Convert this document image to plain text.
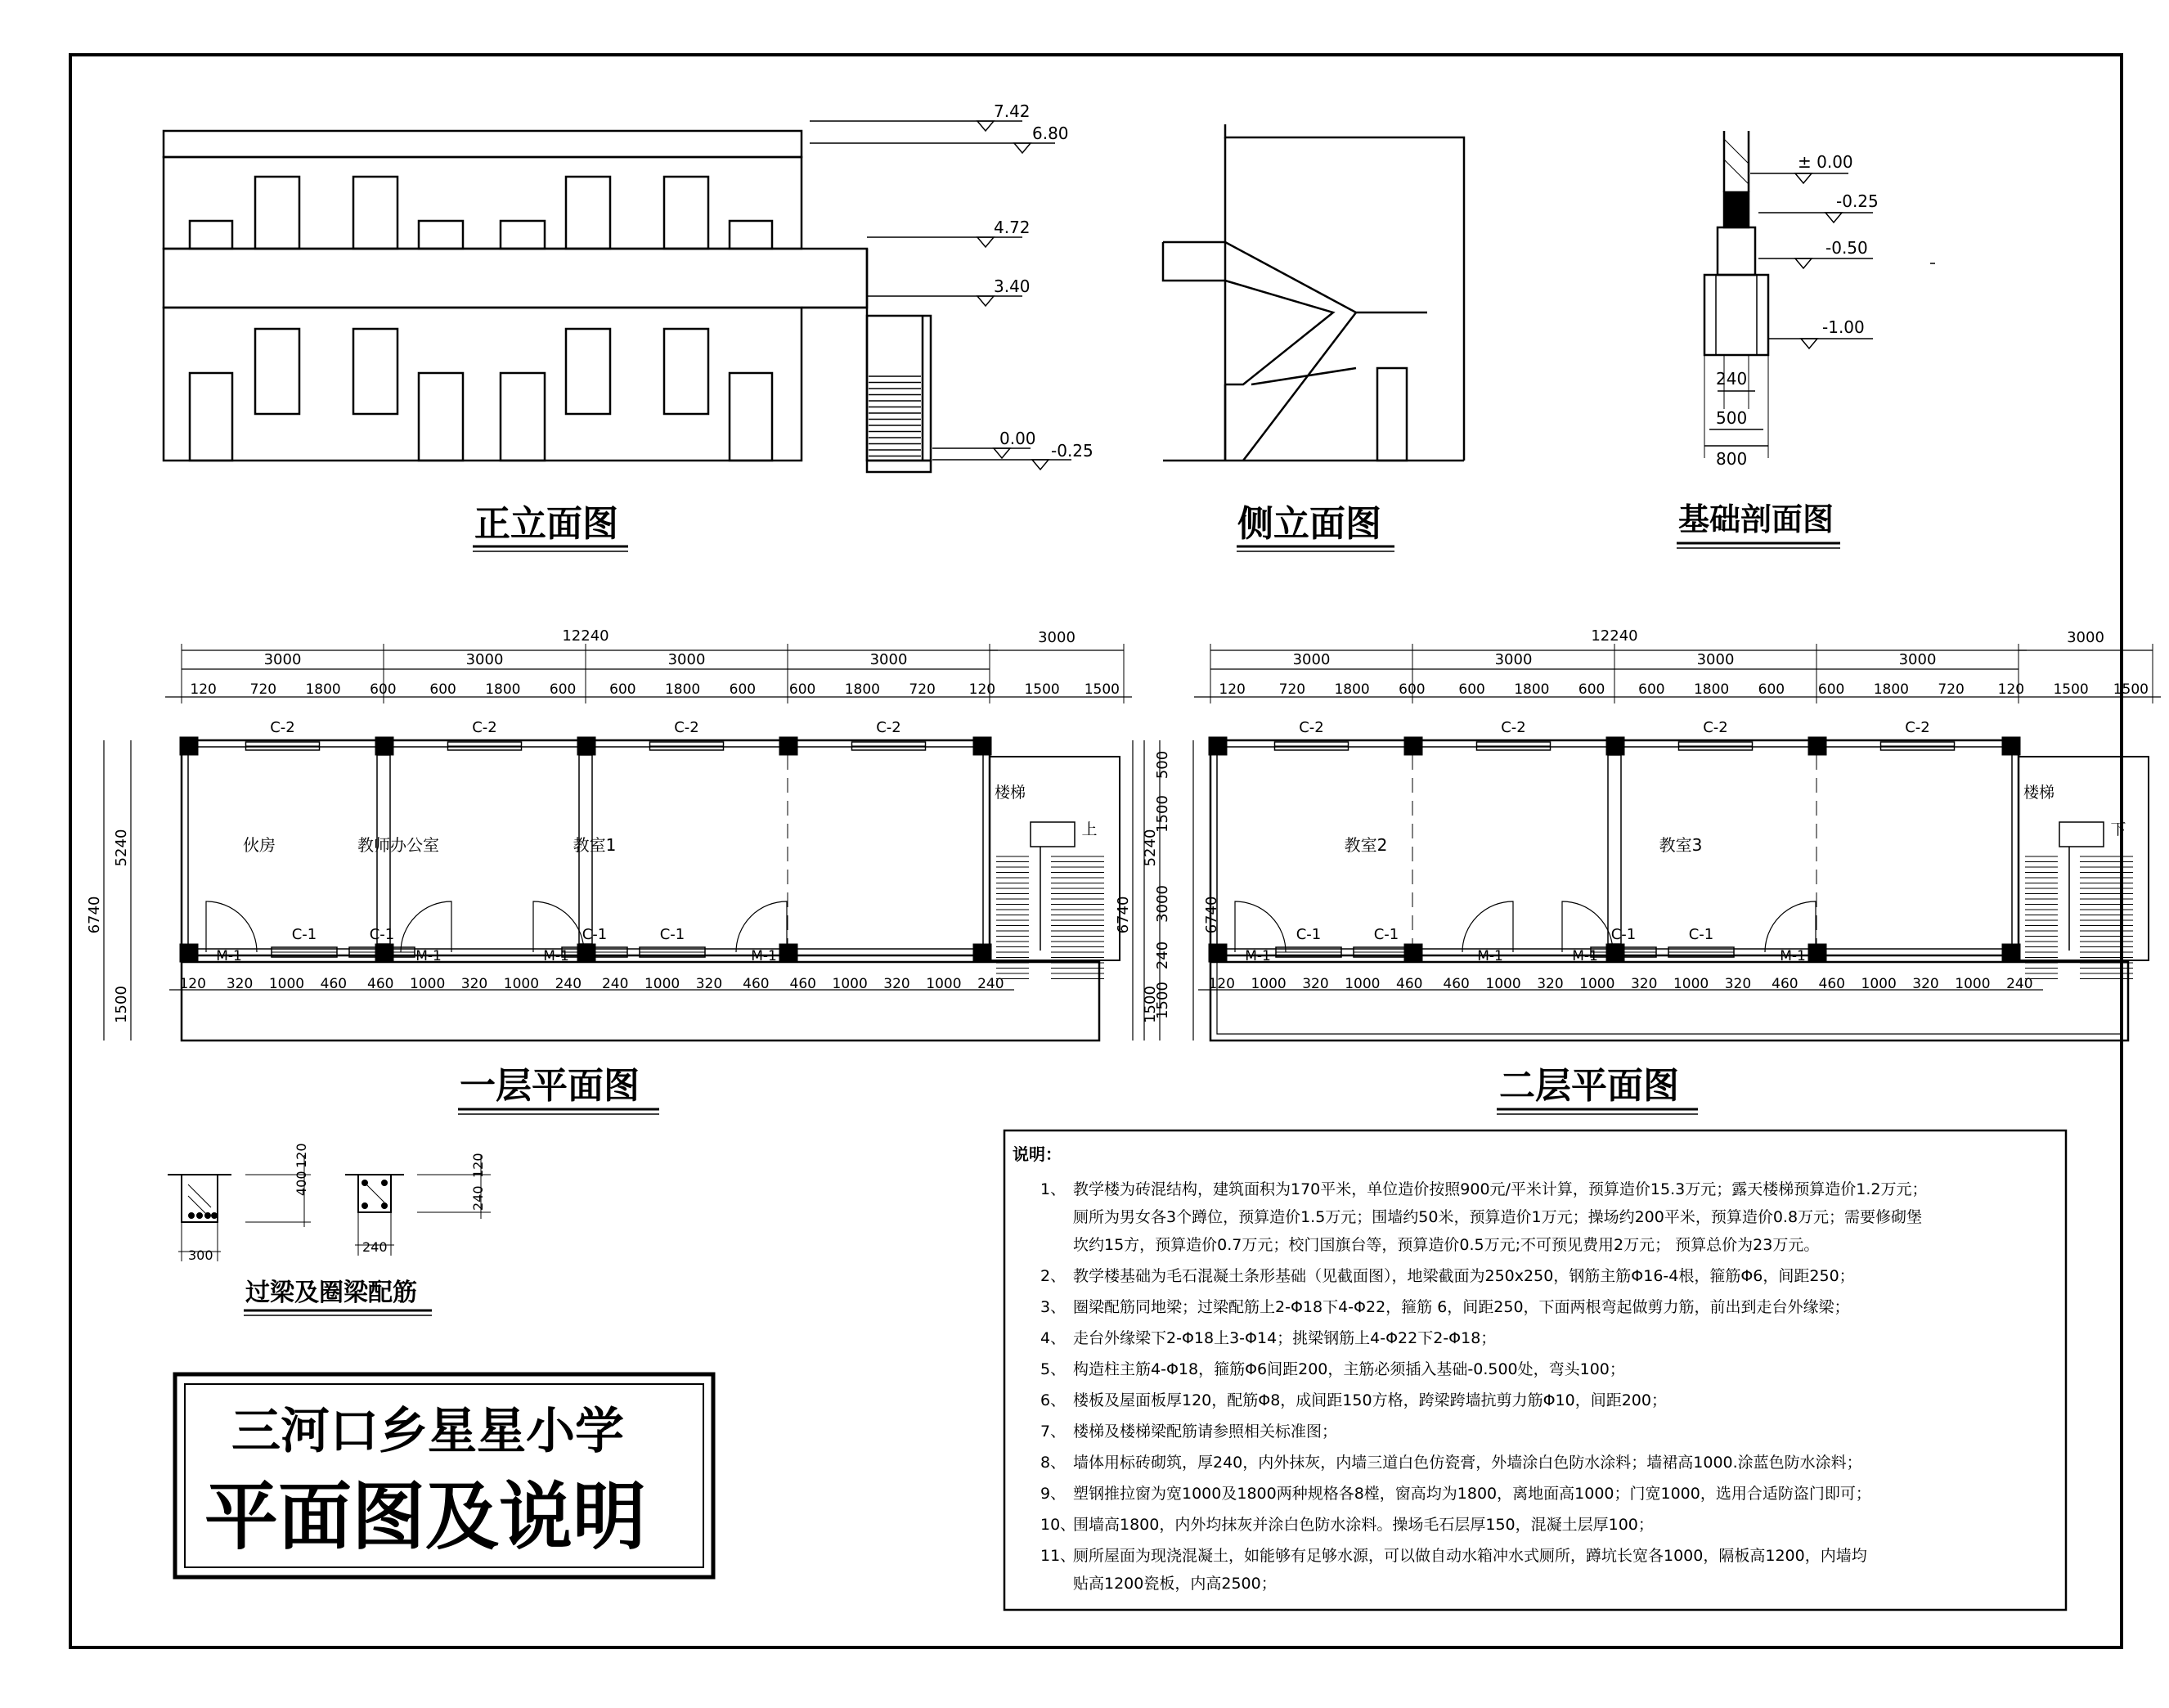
7.42
6.80
4.72
3.40
0.00
-0.25
正立面图	侧立面图
± 0.00
-0.25
-0.50
-1.00
240
500
800
基础剖面图
12240	3000
3000	3000	3000	3000
120 720 1800 600 600 1800 600 600 1800 600 600 1800 720 120 1500 1500
C-2	C-2	C-2	C-2
C-1	C-1	C-1	C-1
M-1	M-1	M-1	M-1
伙房	教师办公室	教室1
楼梯
上
120 320 1000 460 460 1000 320 1000 240 240 1000 320 460 460 1000 320 1000 240
6740
5240
1500
500
1500
3000
240
1500
6740
一层平面图
12240	3000
3000	3000	3000	3000
120 720 1800 600 600 1800 600 600 1800 600 600 1800 720 120 1500 1500
C-2	C-2	C-2	C-2
C-1	C-1	C-1	C-1
M-1	M-1	M-1	M-1
教室2	教室3
楼梯
下
120 1000 320 1000 460 460 1000 320 1000 320 1000 320 460 460 1000 320 1000 240
6740
5240
1500
二层平面图
400
120
300
240
120
240
过梁及圈梁配筋
三河口乡星星小学
平面图及说明
说明：
1、 教学楼为砖混结构，建筑面积为170平米，单位造价按照900元/平米计算，预算造价15.3万元；露天楼梯预算造价1.2万元；
厕所为男女各3个蹲位，预算造价1.5万元；围墙约50米，预算造价1万元；操场约200平米，预算造价0.8万元；需要修砌堡
坎约15方，预算造价0.7万元；校门国旗台等，预算造价0.5万元;不可预见费用2万元； 预算总价为23万元。
2、 教学楼基础为毛石混凝土条形基础（见截面图），地梁截面为250x250，钢筋主筋Φ16-4根，箍筋Φ6，间距250；
3、 圈梁配筋同地梁；过梁配筋上2-Φ18下4-Φ22，箍筋 6，间距250，下面两根弯起做剪力筋，前出到走台外缘梁；
4、 走台外缘梁下2-Φ18上3-Φ14；挑梁钢筋上4-Φ22下2-Φ18；
5、 构造柱主筋4-Φ18，箍筋Φ6间距200，主筋必须插入基础-0.500处，弯头100；
6、 楼板及屋面板厚120，配筋Φ8，成间距150方格，跨梁跨墙抗剪力筋Φ10，间距200；
7、 楼梯及楼梯梁配筋请参照相关标准图；
8、 墙体用标砖砌筑，厚240，内外抹灰，内墙三道白色仿瓷膏，外墙涂白色防水涂料；墙裙高1000.涂蓝色防水涂料；
9、 塑钢推拉窗为宽1000及1800两种规格各8樘，窗高均为1800，离地面高1000；门宽1000，选用合适防盗门即可；
10、
围墙高1800，内外均抹灰并涂白色防水涂料。操场毛石层厚150，混凝土层厚100；
11、
厕所屋面为现浇混凝土，如能够有足够水源，可以做自动水箱冲水式厕所，蹲坑长宽各1000，隔板高1200，内墙均
贴高1200瓷板，内高2500；
